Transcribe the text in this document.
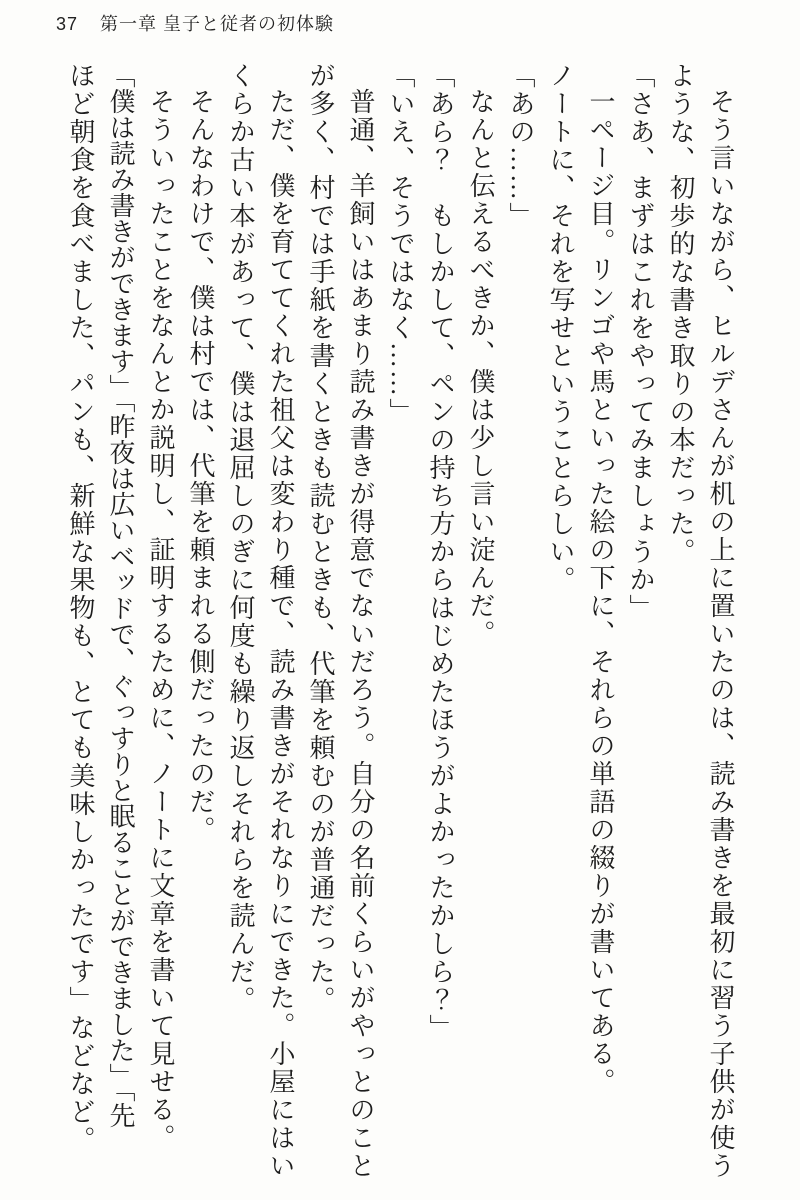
37 第一章 皇子と従者の初体験
そう言いながら、ヒルデさんが机の上に置いたのは、読み書きを最初に習う子供が使う
ような、初歩的な書き取りの本だった。
「さあ、まずはこれをやってみましょうか」
一ページ目。リンゴや馬といった絵の下に、それらの単語の綴りが書いてある。
ノートに、それを写せということらしい。
「あの……」
なんと伝えるべきか、僕は少し言い淀んだ。
「あら？　もしかして、ペンの持ち方からはじめたほうがよかったかしら？」
「いえ、そうではなく……」
普通、羊飼いはあまり読み書きが得意でないだろう。自分の名前くらいがやっとのこと
が多く、村では手紙を書くときも読むときも、代筆を頼むのが普通だった。
ただ、僕を育ててくれた祖父は変わり種で、読み書きがそれなりにできた。小屋にはい
くらか古い本があって、僕は退屈しのぎに何度も繰り返しそれらを読んだ。
そんなわけで、僕は村では、代筆を頼まれる側だったのだ。
そういったことをなんとか説明し、証明するために、ノートに文章を書いて見せる。
「僕は読み書きができます」「昨夜は広いベッドで、ぐっすりと眠ることができました」「先
ほど朝食を食べました、パンも、新鮮な果物も、とても美味しかったです」などなど。
